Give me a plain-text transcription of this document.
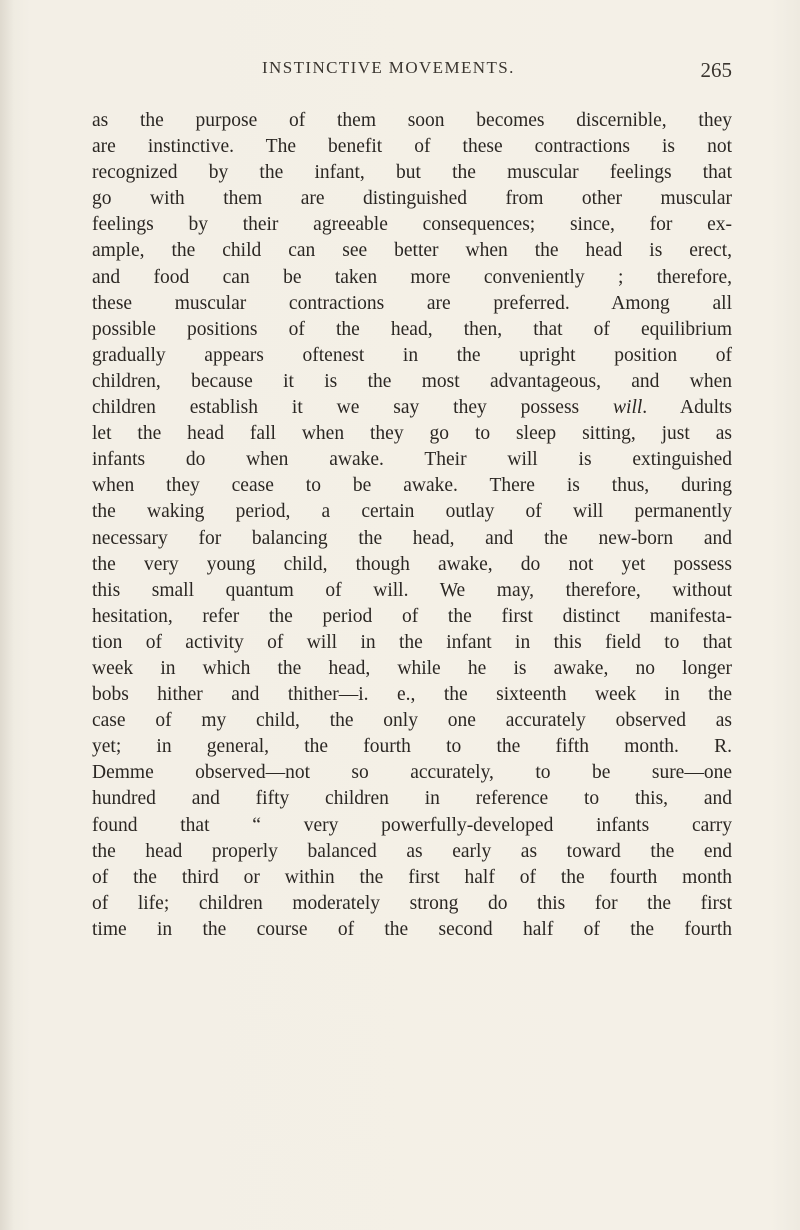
INSTINCTIVE MOVEMENTS.	265
as the purpose of them soon becomes discernible, they
are instinctive. The benefit of these contractions is not
recognized by the infant, but the muscular feelings that
go with them are distinguished from other muscular
feelings by their agreeable consequences; since, for ex-
ample, the child can see better when the head is erect,
and food can be taken more conveniently ; therefore,
these muscular contractions are preferred. Among all
possible positions of the head, then, that of equilibrium
gradually appears oftenest in the upright position of
children, because it is the most advantageous, and when
children establish it we say they possess will. Adults
let the head fall when they go to sleep sitting, just as
infants do when awake. Their will is extinguished
when they cease to be awake. There is thus, during
the waking period, a certain outlay of will permanently
necessary for balancing the head, and the new-born and
the very young child, though awake, do not yet possess
this small quantum of will. We may, therefore, without
hesitation, refer the period of the first distinct manifesta-
tion of activity of will in the infant in this field to that
week in which the head, while he is awake, no longer
bobs hither and thither—i. e., the sixteenth week in the
case of my child, the only one accurately observed as
yet; in general, the fourth to the fifth month. R.
Demme observed—not so accurately, to be sure—one
hundred and fifty children in reference to this, and
found that “ very powerfully-developed infants carry
the head properly balanced as early as toward the end
of the third or within the first half of the fourth month
of life; children moderately strong do this for the first
time in the course of the second half of the fourth
